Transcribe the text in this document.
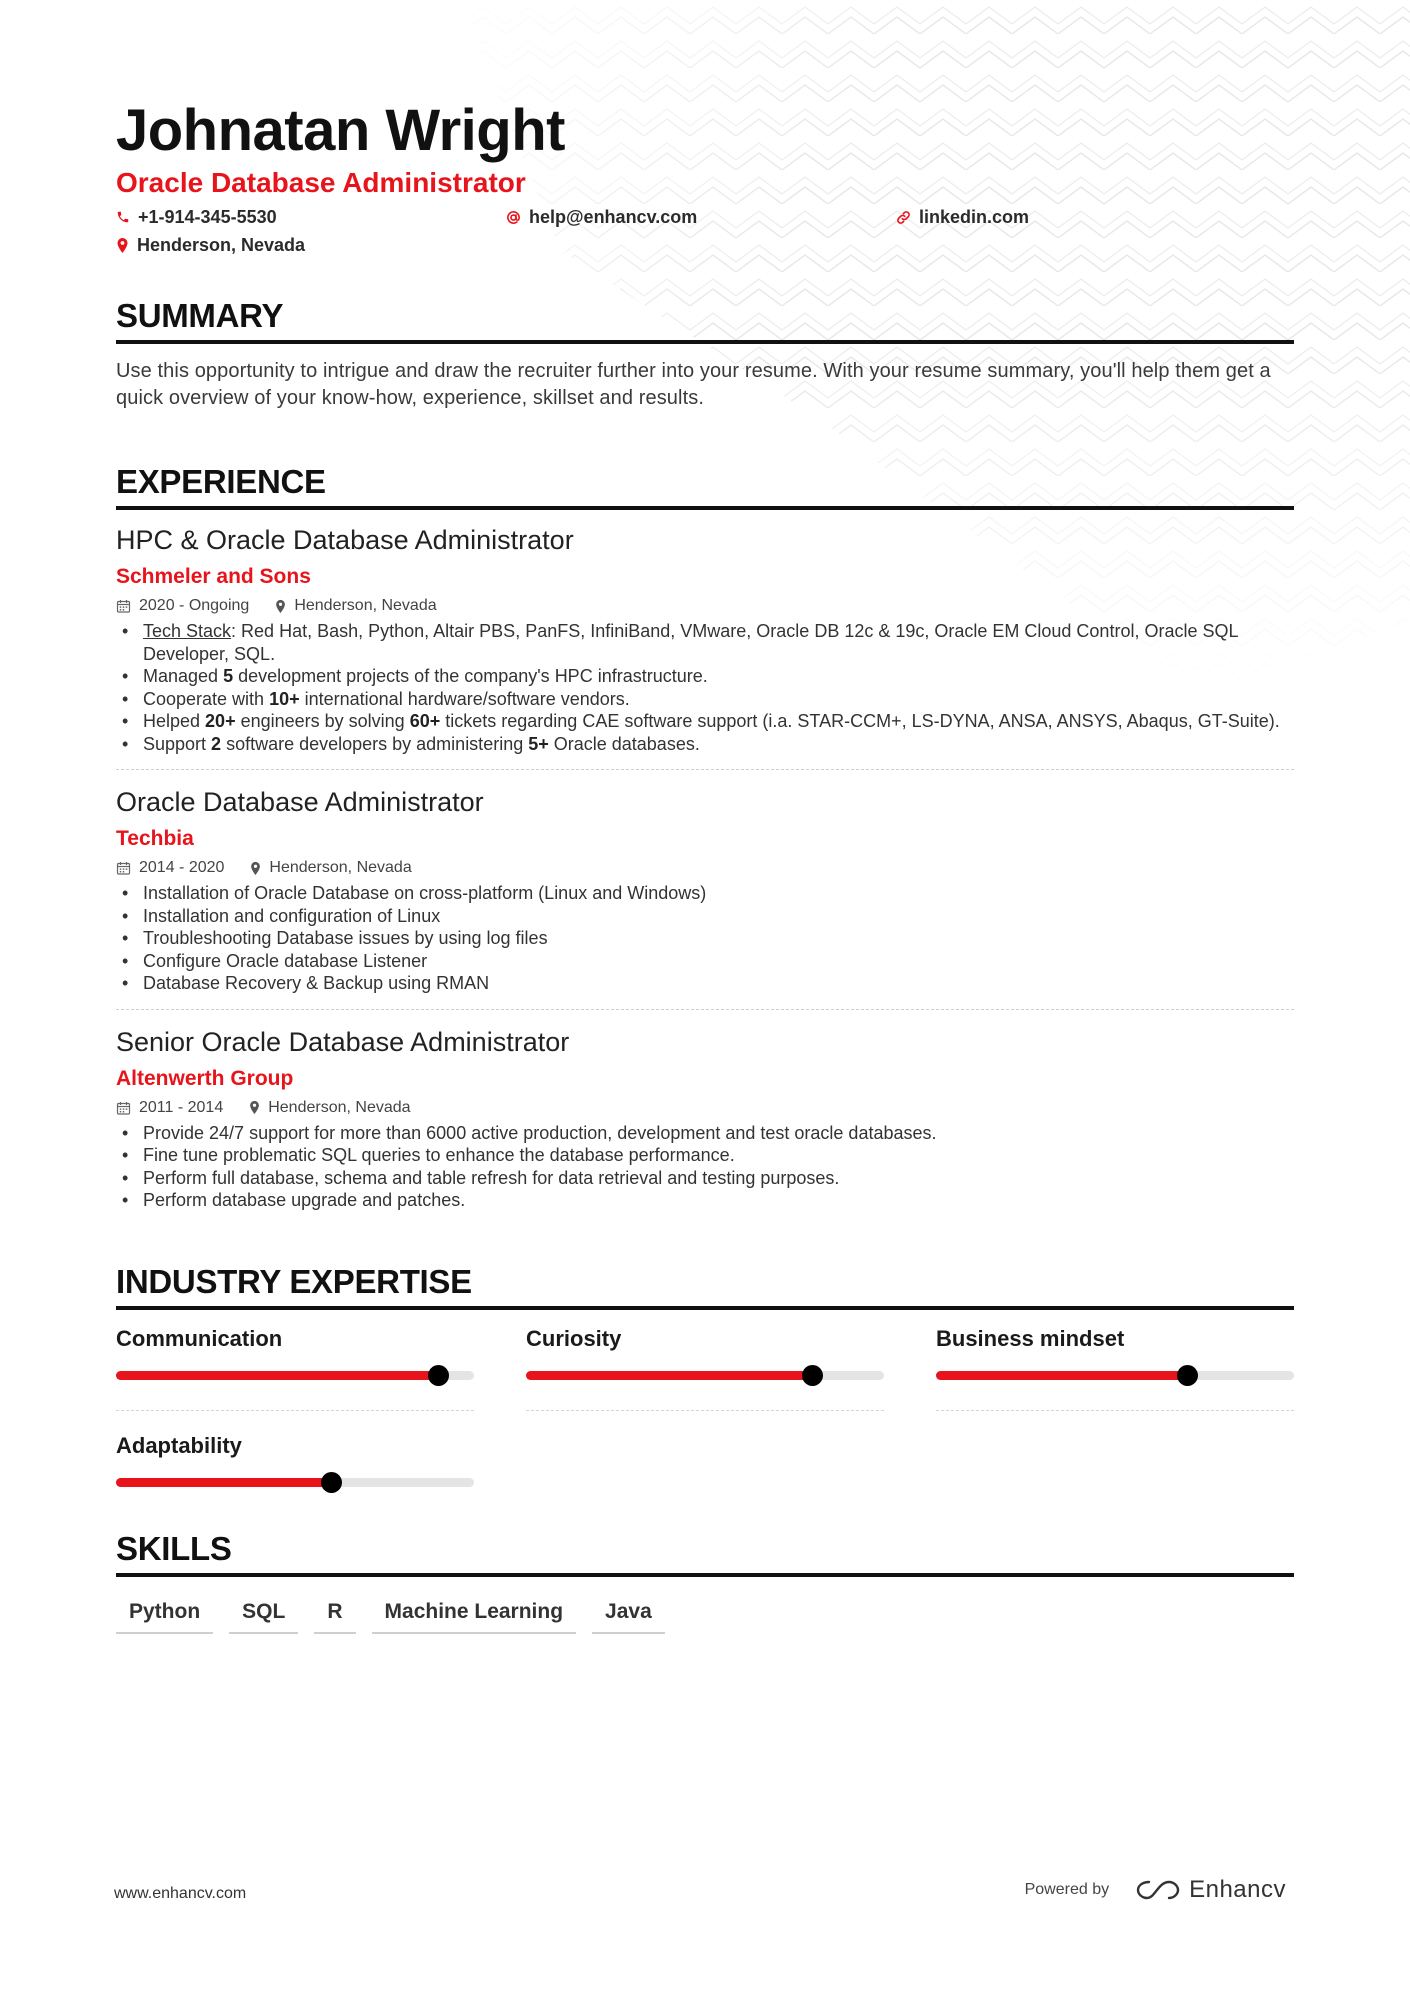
Johnatan Wright
Oracle Database Administrator
+1-914-345-5530	help@enhancv.com	linkedin.com
Henderson, Nevada
SUMMARY
Use this opportunity to intrigue and draw the recruiter further into your resume. With your resume summary, you'll help them get a quick overview of your know-how, experience, skillset and results.
EXPERIENCE
HPC & Oracle Database Administrator
Schmeler and Sons
2020 - Ongoing	Henderson, Nevada
• Tech Stack: Red Hat, Bash, Python, Altair PBS, PanFS, InfiniBand, VMware, Oracle DB 12c & 19c, Oracle EM Cloud Control, Oracle SQL Developer, SQL.
• Managed 5 development projects of the company's HPC infrastructure.
• Cooperate with 10+ international hardware/software vendors.
• Helped 20+ engineers by solving 60+ tickets regarding CAE software support (i.a. STAR-CCM+, LS-DYNA, ANSA, ANSYS, Abaqus, GT-Suite).
• Support 2 software developers by administering 5+ Oracle databases.
Oracle Database Administrator
Techbia
2014 - 2020	Henderson, Nevada
• Installation of Oracle Database on cross-platform (Linux and Windows)
• Installation and configuration of Linux
• Troubleshooting Database issues by using log files
• Configure Oracle database Listener
• Database Recovery & Backup using RMAN
Senior Oracle Database Administrator
Altenwerth Group
2011 - 2014	Henderson, Nevada
• Provide 24/7 support for more than 6000 active production, development and test oracle databases.
• Fine tune problematic SQL queries to enhance the database performance.
• Perform full database, schema and table refresh for data retrieval and testing purposes.
• Perform database upgrade and patches.
INDUSTRY EXPERTISE
Communication	Curiosity	Business mindset
Adaptability
SKILLS
Python	SQL	R	Machine Learning	Java
www.enhancv.com	Powered by	Enhancv
